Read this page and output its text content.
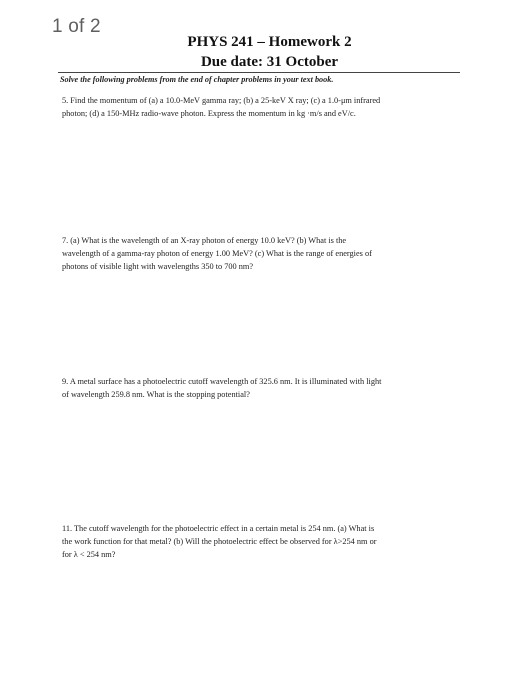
1 of 2
PHYS 241 – Homework 2
Due date: 31 October
Solve the following problems from the end of chapter problems in your text book.
5. Find the momentum of (a) a 10.0-MeV gamma ray; (b) a 25-keV X ray; (c) a 1.0-μm infrared
photon; (d) a 150-MHz radio-wave photon. Express the momentum in kg ·m/s and eV/c.
7. (a) What is the wavelength of an X-ray photon of energy 10.0 keV? (b) What is the
wavelength of a gamma-ray photon of energy 1.00 MeV? (c) What is the range of energies of
photons of visible light with wavelengths 350 to 700 nm?
9. A metal surface has a photoelectric cutoff wavelength of 325.6 nm. It is illuminated with light
of wavelength 259.8 nm. What is the stopping potential?
11. The cutoff wavelength for the photoelectric effect in a certain metal is 254 nm. (a) What is
the work function for that metal? (b) Will the photoelectric effect be observed for λ>254 nm or
for λ < 254 nm?
